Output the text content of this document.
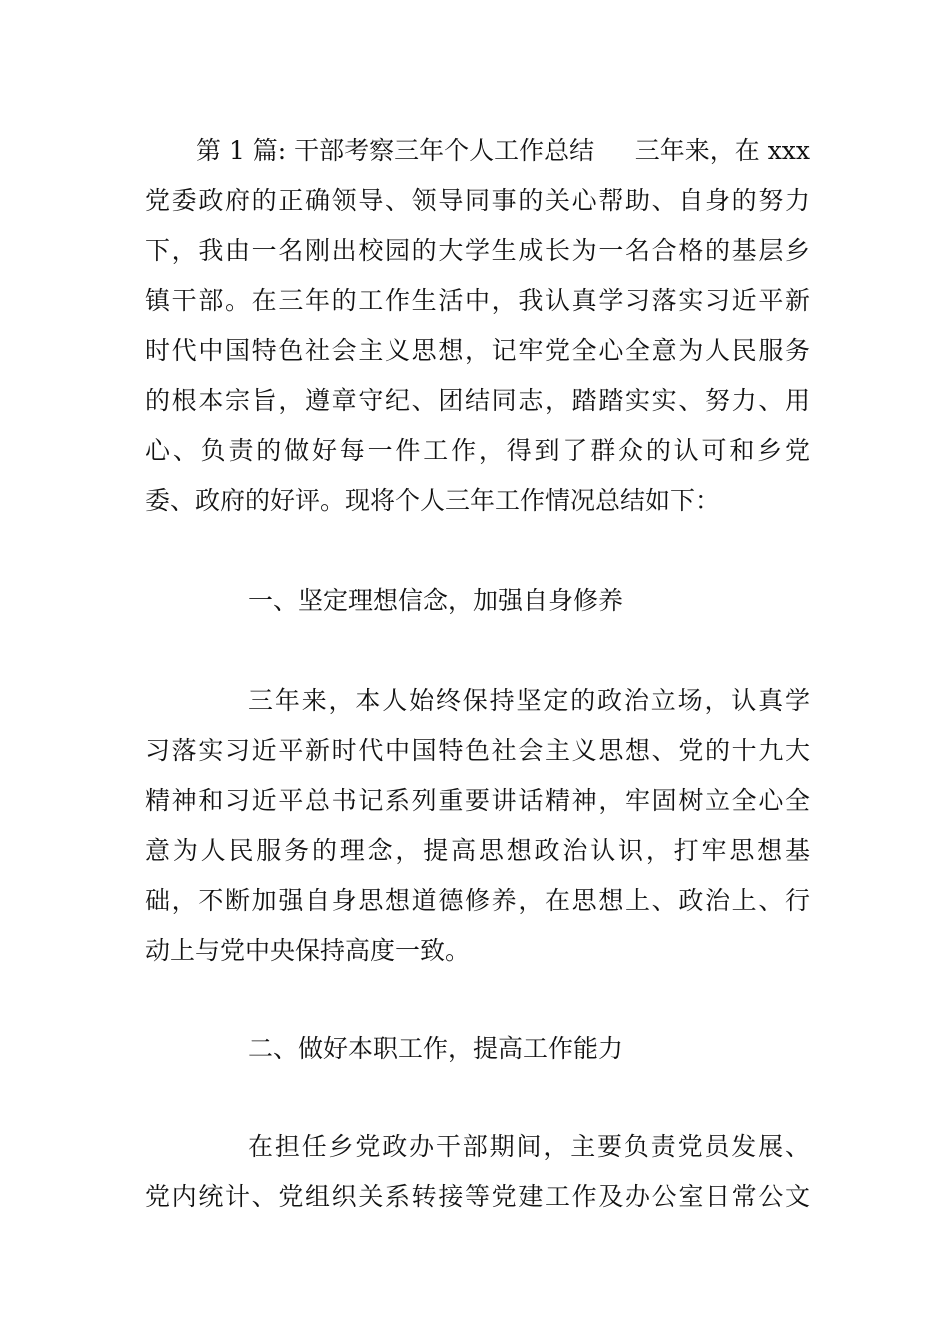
第 1 篇: 干部考察三年个人工作总结 三年来，在 xxx
党委政府的正确领导、领导同事的关心帮助、自身的努力
下，我由一名刚出校园的大学生成长为一名合格的基层乡
镇干部。在三年的工作生活中，我认真学习落实习近平新
时代中国特色社会主义思想，记牢党全心全意为人民服务
的根本宗旨，遵章守纪、团结同志，踏踏实实、努力、用
心、负责的做好每一件工作，得到了群众的认可和乡党
委、政府的好评。现将个人三年工作情况总结如下：
一、坚定理想信念，加强自身修养
三年来，本人始终保持坚定的政治立场，认真学
习落实习近平新时代中国特色社会主义思想、党的十九大
精神和习近平总书记系列重要讲话精神，牢固树立全心全
意为人民服务的理念，提高思想政治认识，打牢思想基
础，不断加强自身思想道德修养，在思想上、政治上、行
动上与党中央保持高度一致。
二、做好本职工作，提高工作能力
在担任乡党政办干部期间，主要负责党员发展、
党内统计、党组织关系转接等党建工作及办公室日常公文
